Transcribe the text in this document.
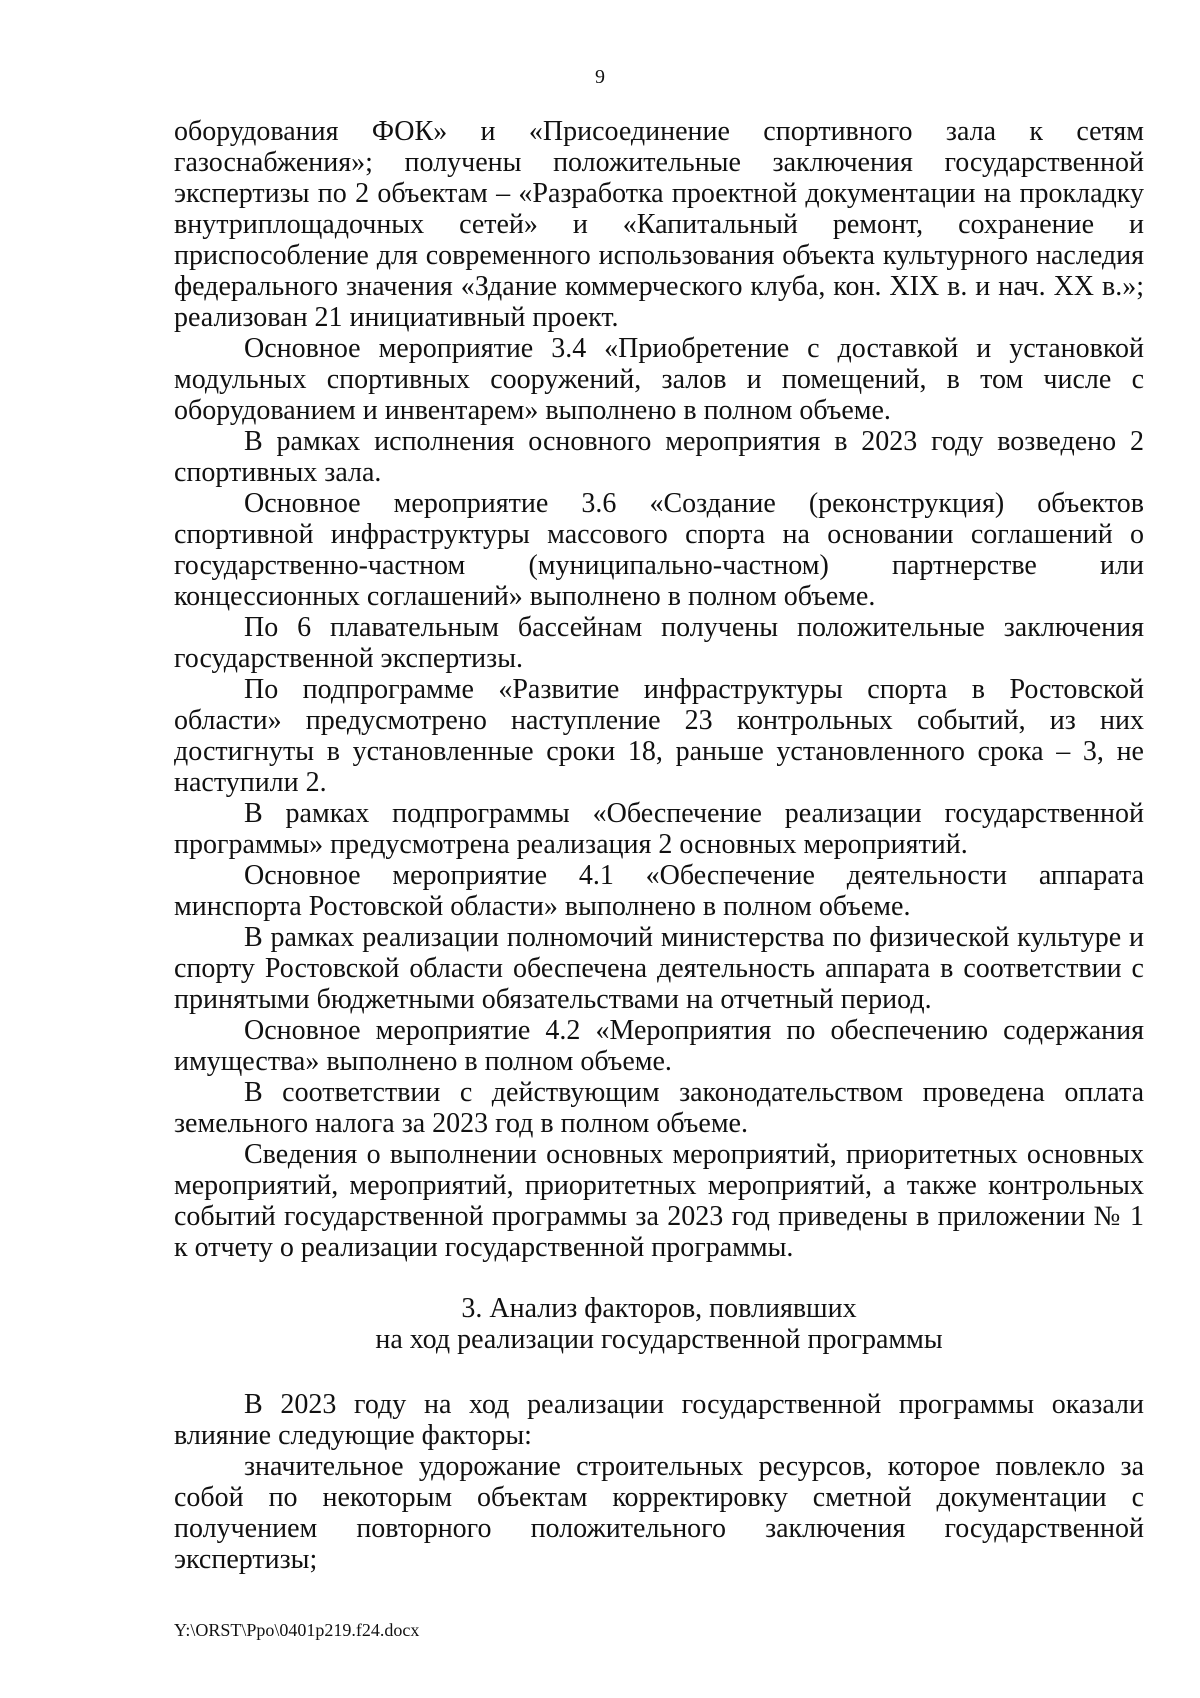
9

оборудования ФОК» и «Присоединение спортивного зала к сетям газоснабжения»; получены положительные заключения государственной экспертизы по 2 объектам – «Разработка проектной документации на прокладку внутриплощадочных сетей» и «Капитальный ремонт, сохранение и приспособление для современного использования объекта культурного наследия федерального значения «Здание коммерческого клуба, кон. XIX в. и нач. XX в.»; реализован 21 инициативный проект.

Основное мероприятие 3.4 «Приобретение с доставкой и установкой модульных спортивных сооружений, залов и помещений, в том числе с оборудованием и инвентарем» выполнено в полном объеме.

В рамках исполнения основного мероприятия в 2023 году возведено 2 спортивных зала.

Основное мероприятие 3.6 «Создание (реконструкция) объектов спортивной инфраструктуры массового спорта на основании соглашений о государственно-частном (муниципально-частном) партнерстве или концессионных соглашений» выполнено в полном объеме.

По 6 плавательным бассейнам получены положительные заключения государственной экспертизы.

По подпрограмме «Развитие инфраструктуры спорта в Ростовской области» предусмотрено наступление 23 контрольных событий, из них достигнуты в установленные сроки 18, раньше установленного срока – 3, не наступили 2.

В рамках подпрограммы «Обеспечение реализации государственной программы» предусмотрена реализация 2 основных мероприятий.

Основное мероприятие 4.1 «Обеспечение деятельности аппарата минспорта Ростовской области» выполнено в полном объеме.

В рамках реализации полномочий министерства по физической культуре и спорту Ростовской области обеспечена деятельность аппарата в соответствии с принятыми бюджетными обязательствами на отчетный период.

Основное мероприятие 4.2 «Мероприятия по обеспечению содержания имущества» выполнено в полном объеме.

В соответствии с действующим законодательством проведена оплата земельного налога за 2023 год в полном объеме.

Сведения о выполнении основных мероприятий, приоритетных основных мероприятий, мероприятий, приоритетных мероприятий, а также контрольных событий государственной программы за 2023 год приведены в приложении № 1 к отчету о реализации государственной программы.

3. Анализ факторов, повлиявших
на ход реализации государственной программы

В 2023 году на ход реализации государственной программы оказали влияние следующие факторы:

значительное удорожание строительных ресурсов, которое повлекло за собой по некоторым объектам корректировку сметной документации с получением повторного положительного заключения государственной экспертизы;

Y:\ORST\Ppo\0401p219.f24.docx
